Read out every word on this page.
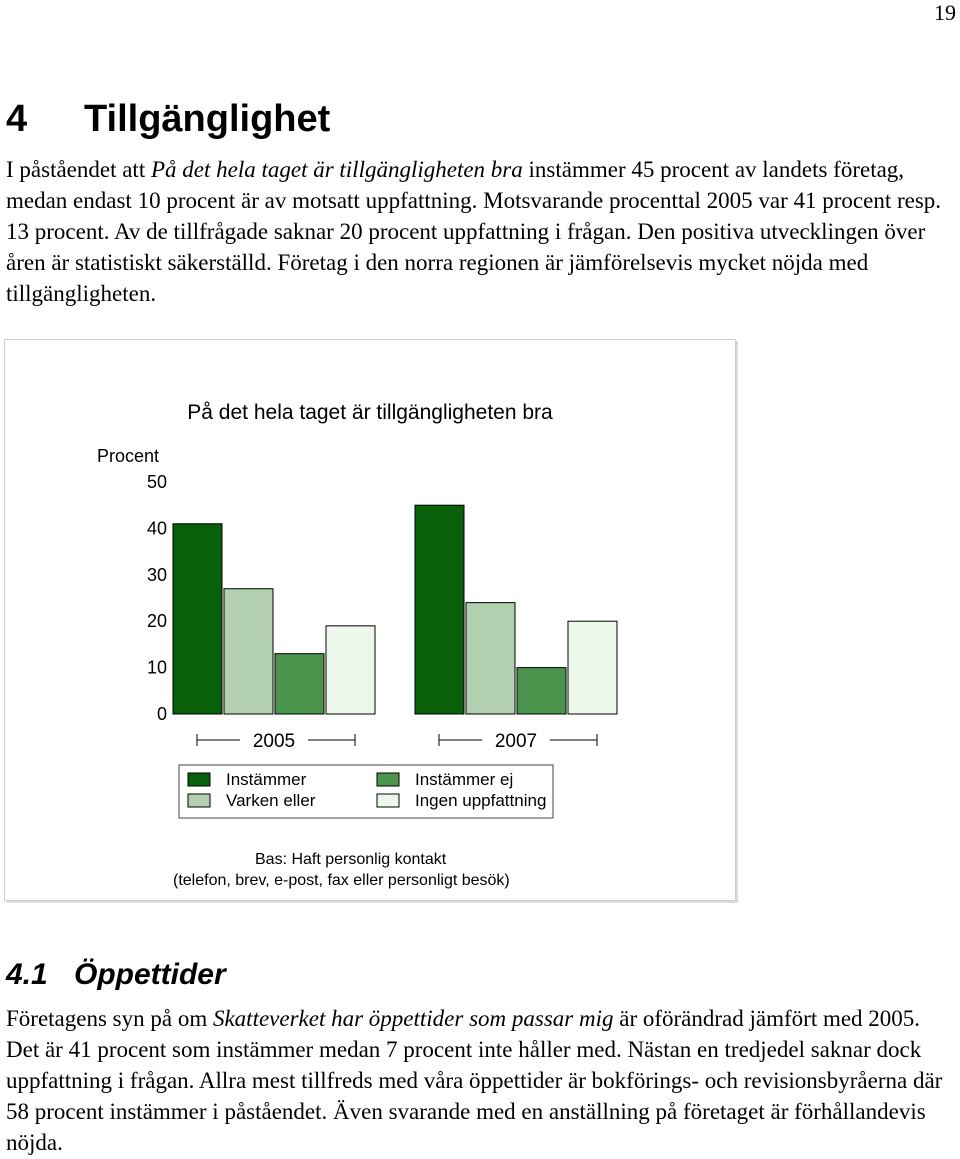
19
4 Tillgänglighet

I påståendet att På det hela taget är tillgängligheten bra instämmer 45 procent av landets företag, medan endast 10 procent är av motsatt uppfattning. Motsvarande procenttal 2005 var 41 procent resp. 13 procent. Av de tillfrågade saknar 20 procent uppfattning i frågan. Den positiva utvecklingen över åren är statistiskt säkerställd. Företag i den norra regionen är jämförelsevis mycket nöjda med tillgängligheten.

På det hela taget är tillgängligheten bra
Procent
0
10
20
30
40
50
2005	2007
Instämmer	Instämmer ej
Varken eller	Ingen uppfattning
Bas: Haft personlig kontakt
(telefon, brev, e-post, fax eller personligt besök)
4.1 Öppettider

Företagens syn på om Skatteverket har öppettider som passar mig är oförändrad jämfört med 2005. Det är 41 procent som instämmer medan 7 procent inte håller med. Nästan en tredjedel saknar dock uppfattning i frågan. Allra mest tillfreds med våra öppettider är bokförings- och revisionsbyråerna där 58 procent instämmer i påståendet. Även svarande med en anställning på företaget är förhållandevis nöjda.
